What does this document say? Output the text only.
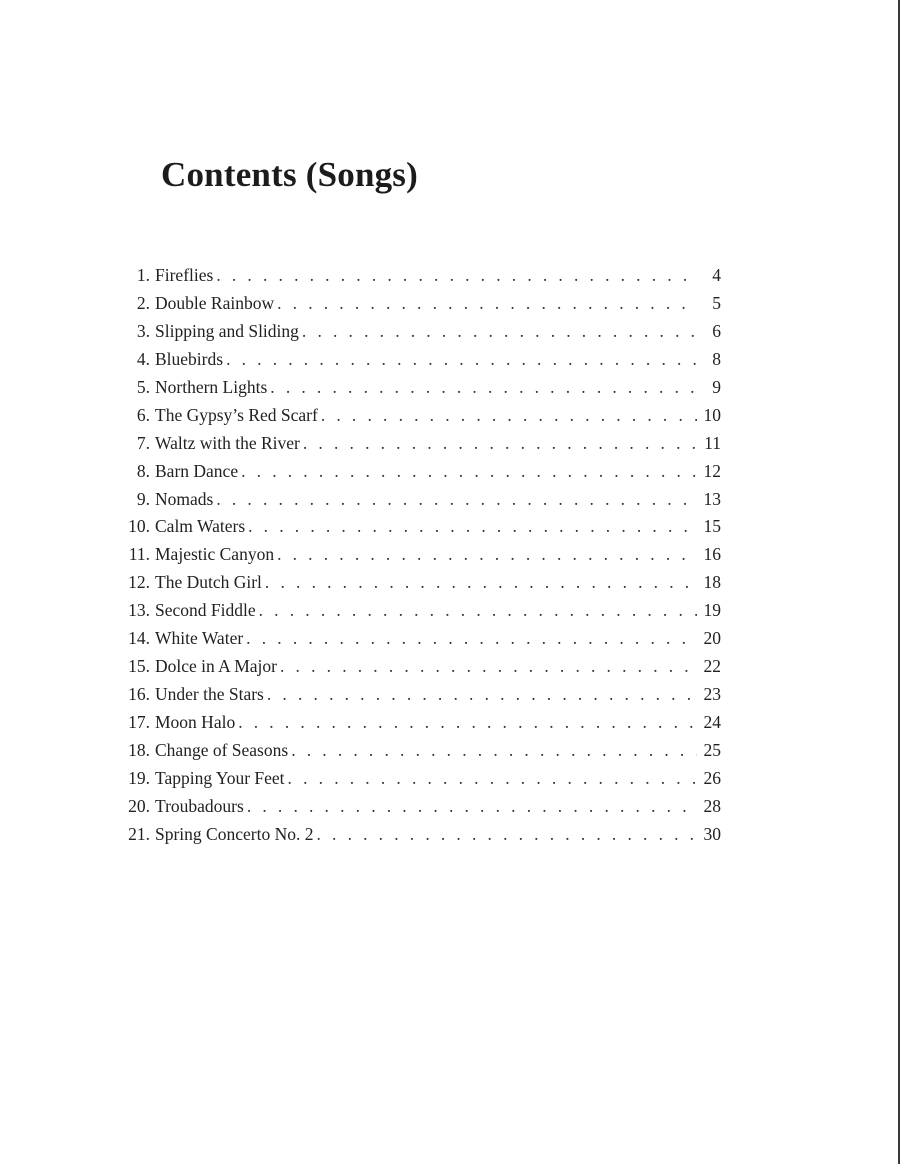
Contents (Songs)
1. Fireflies . . .	4
2. Double Rainbow . . .	5
3. Slipping and Sliding . . .	6
4. Bluebirds . . .	8
5. Northern Lights . . .	9
6. The Gypsy’s Red Scarf . . .	10
7. Waltz with the River . . .	11
8. Barn Dance . . .	12
9. Nomads . . .	13
10. Calm Waters . . .	15
11. Majestic Canyon . . .	16
12. The Dutch Girl . . .	18
13. Second Fiddle . . .	19
14. White Water . . .	20
15. Dolce in A Major . . .	22
16. Under the Stars . . .	23
17. Moon Halo . . .	24
18. Change of Seasons . . .	25
19. Tapping Your Feet . . .	26
20. Troubadours . . .	28
21. Spring Concerto No. 2 . . .	30
